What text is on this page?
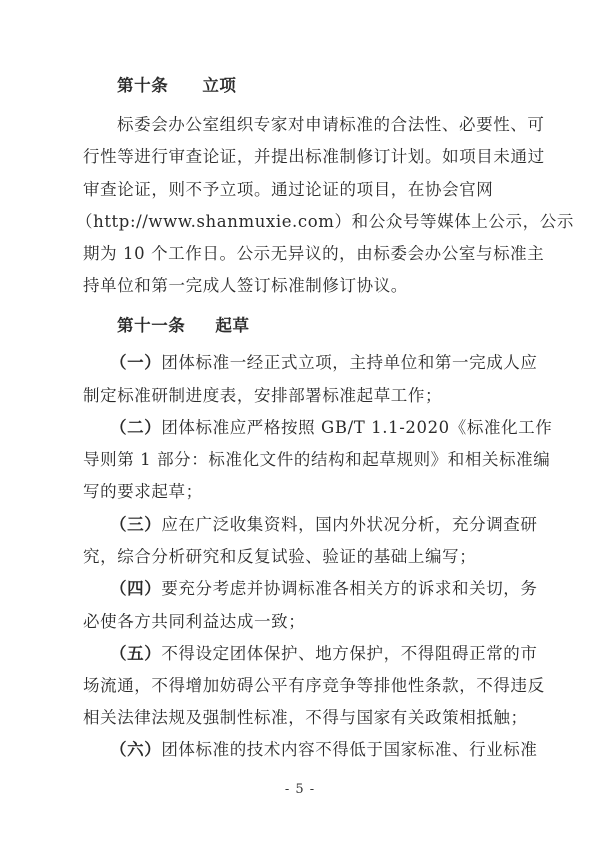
第十条 立项
标委会办公室组织专家对申请标准的合法性、必要性、可
行性等进行审查论证，并提出标准制修订计划。如项目未通过
审查论证，则不予立项。通过论证的项目，在协会官网
（http://www.shanmuxie.com）和公众号等媒体上公示，公示
期为 10 个工作日。公示无异议的，由标委会办公室与标准主
持单位和第一完成人签订标准制修订协议。
第十一条 起草
（一）团体标准一经正式立项，主持单位和第一完成人应
制定标准研制进度表，安排部署标准起草工作；
（二）团体标准应严格按照 GB/T 1.1-2020《标准化工作
导则第 1 部分：标准化文件的结构和起草规则》和相关标准编
写的要求起草；
（三）应在广泛收集资料，国内外状况分析，充分调查研
究，综合分析研究和反复试验、验证的基础上编写；
（四）要充分考虑并协调标准各相关方的诉求和关切，务
必使各方共同利益达成一致；
（五）不得设定团体保护、地方保护，不得阻碍正常的市
场流通，不得增加妨碍公平有序竞争等排他性条款，不得违反
相关法律法规及强制性标准，不得与国家有关政策相抵触；
（六）团体标准的技术内容不得低于国家标准、行业标准
- 5 -
